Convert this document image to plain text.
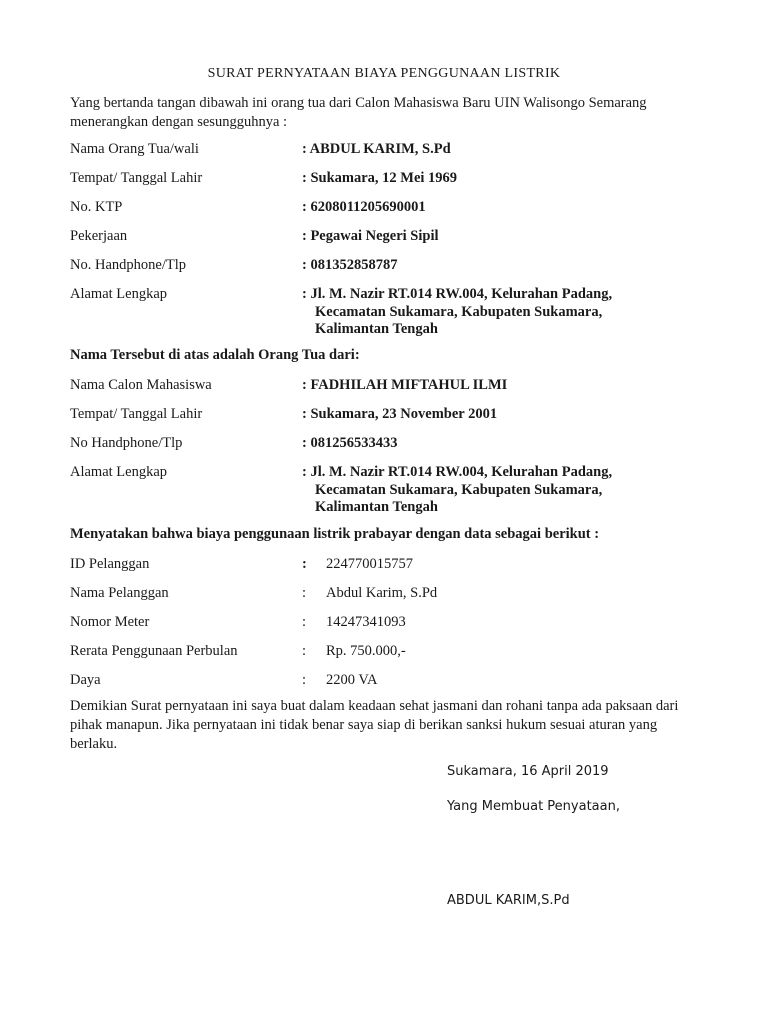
SURAT PERNYATAAN BIAYA PENGGUNAAN LISTRIK
Yang bertanda tangan dibawah ini orang tua dari Calon Mahasiswa Baru UIN Walisongo Semarang menerangkan dengan sesungguhnya :
Nama Orang Tua/wali	: ABDUL KARIM, S.Pd
Tempat/ Tanggal Lahir	: Sukamara, 12 Mei 1969
No. KTP	: 6208011205690001
Pekerjaan	: Pegawai Negeri Sipil
No. Handphone/Tlp	: 081352858787
Alamat Lengkap	: Jl. M. Nazir RT.014 RW.004, Kelurahan Padang,
Kecamatan Sukamara, Kabupaten Sukamara,
Kalimantan Tengah
Nama Tersebut di atas adalah Orang Tua dari:
Nama Calon Mahasiswa	: FADHILAH MIFTAHUL ILMI
Tempat/ Tanggal Lahir	: Sukamara, 23 November 2001
No Handphone/Tlp	: 081256533433
Alamat Lengkap	: Jl. M. Nazir RT.014 RW.004, Kelurahan Padang,
Kecamatan Sukamara, Kabupaten Sukamara,
Kalimantan Tengah
Menyatakan bahwa biaya penggunaan listrik prabayar dengan data sebagai berikut :
ID Pelanggan	: 224770015757
Nama Pelanggan	: Abdul Karim, S.Pd
Nomor Meter	: 14247341093
Rerata Penggunaan Perbulan	: Rp. 750.000,-
Daya	: 2200 VA
Demikian Surat pernyataan ini saya buat dalam keadaan sehat jasmani dan rohani tanpa ada paksaan dari pihak manapun. Jika pernyataan ini tidak benar saya siap di berikan sanksi hukum sesuai aturan yang berlaku.
Sukamara, 16 April 2019
Yang Membuat Penyataan,
ABDUL KARIM,S.Pd
